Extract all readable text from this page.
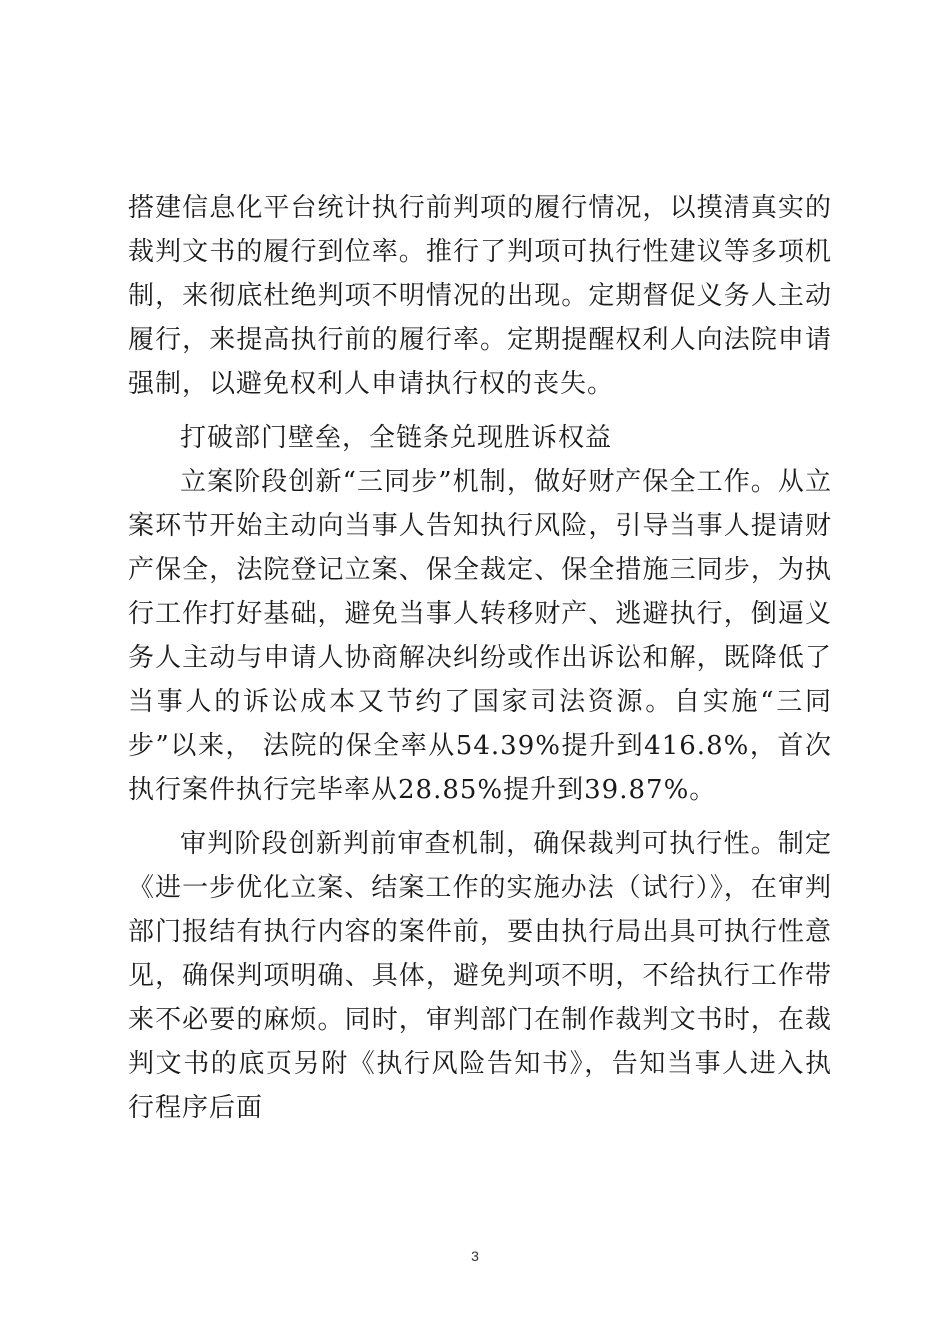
搭建信息化平台统计执行前判项的履行情况，以摸清真实的裁判文书的履行到位率。推行了判项可执行性建议等多项机制，来彻底杜绝判项不明情况的出现。定期督促义务人主动履行，来提高执行前的履行率。定期提醒权利人向法院申请强制，以避免权利人申请执行权的丧失。

打破部门壁垒，全链条兑现胜诉权益

立案阶段创新“三同步”机制，做好财产保全工作。从立案环节开始主动向当事人告知执行风险，引导当事人提请财产保全，法院登记立案、保全裁定、保全措施三同步，为执行工作打好基础，避免当事人转移财产、逃避执行，倒逼义务人主动与申请人协商解决纠纷或作出诉讼和解，既降低了当事人的诉讼成本又节约了国家司法资源。自实施“三同步”以来， 法院的保全率从54.39%提升到416.8%，首次执行案件执行完毕率从28.85%提升到39.87%。

审判阶段创新判前审查机制，确保裁判可执行性。制定《进一步优化立案、结案工作的实施办法（试行）》，在审判部门报结有执行内容的案件前，要由执行局出具可执行性意见，确保判项明确、具体，避免判项不明，不给执行工作带来不必要的麻烦。同时，审判部门在制作裁判文书时，在裁判文书的底页另附《执行风险告知书》，告知当事人进入执行程序后面

3
